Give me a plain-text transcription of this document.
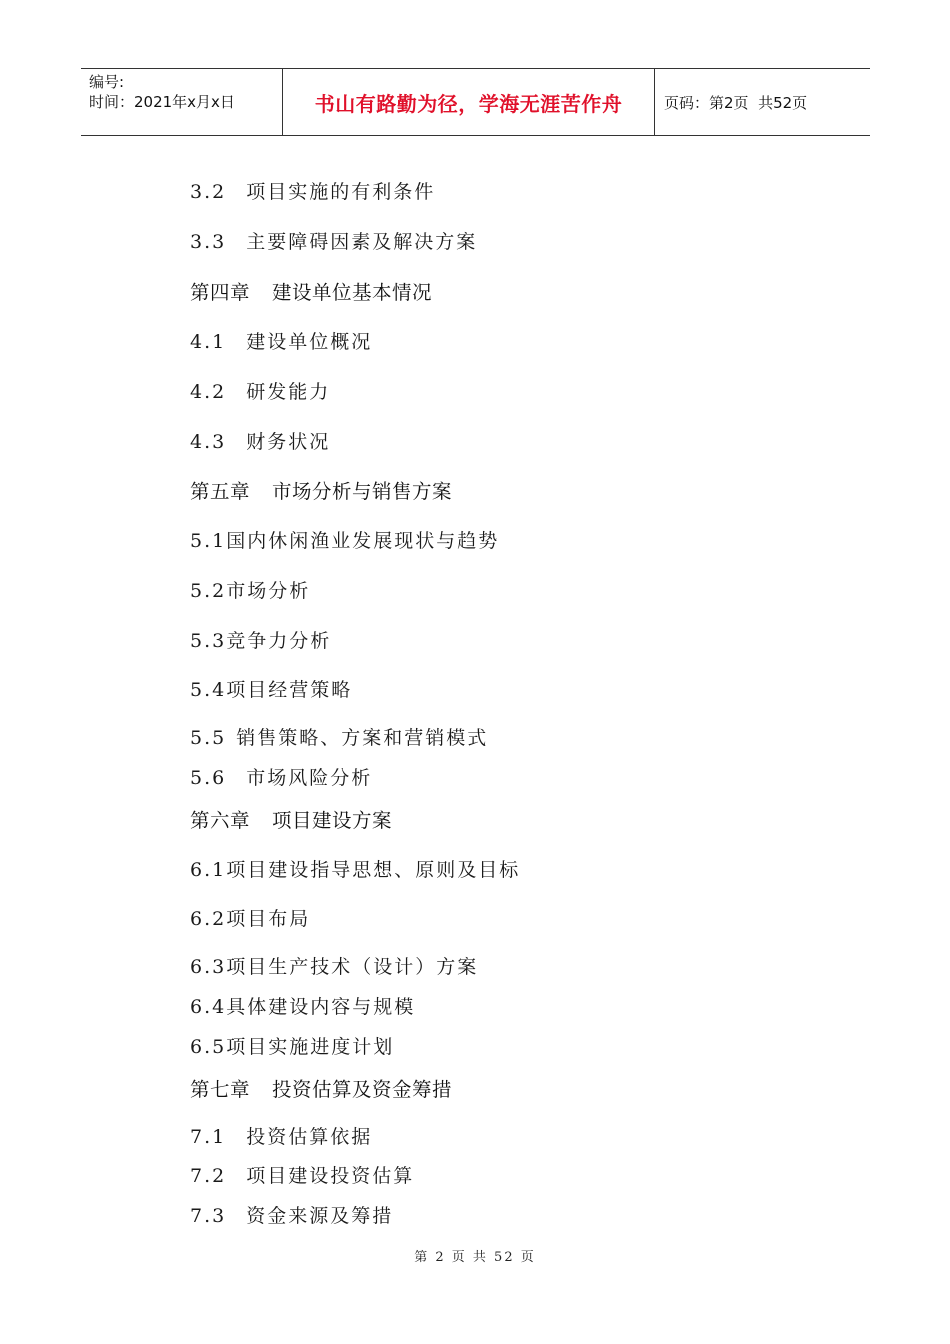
编号:
时间：2021年x月x日	书山有路勤为径，学海无涯苦作舟	页码：第2页  共52页
3.2 项目实施的有利条件
3.3 主要障碍因素及解决方案
第四章 建设单位基本情况
4.1 建设单位概况
4.2 研发能力
4.3 财务状况
第五章 市场分析与销售方案
5.1国内休闲渔业发展现状与趋势
5.2市场分析
5.3竞争力分析
5.4项目经营策略
5.5 销售策略、方案和营销模式
5.6 市场风险分析
第六章 项目建设方案
6.1项目建设指导思想、原则及目标
6.2项目布局
6.3项目生产技术（设计）方案
6.4具体建设内容与规模
6.5项目实施进度计划
第七章 投资估算及资金筹措
7.1 投资估算依据
7.2 项目建设投资估算
7.3 资金来源及筹措
第 2 页 共 52 页
